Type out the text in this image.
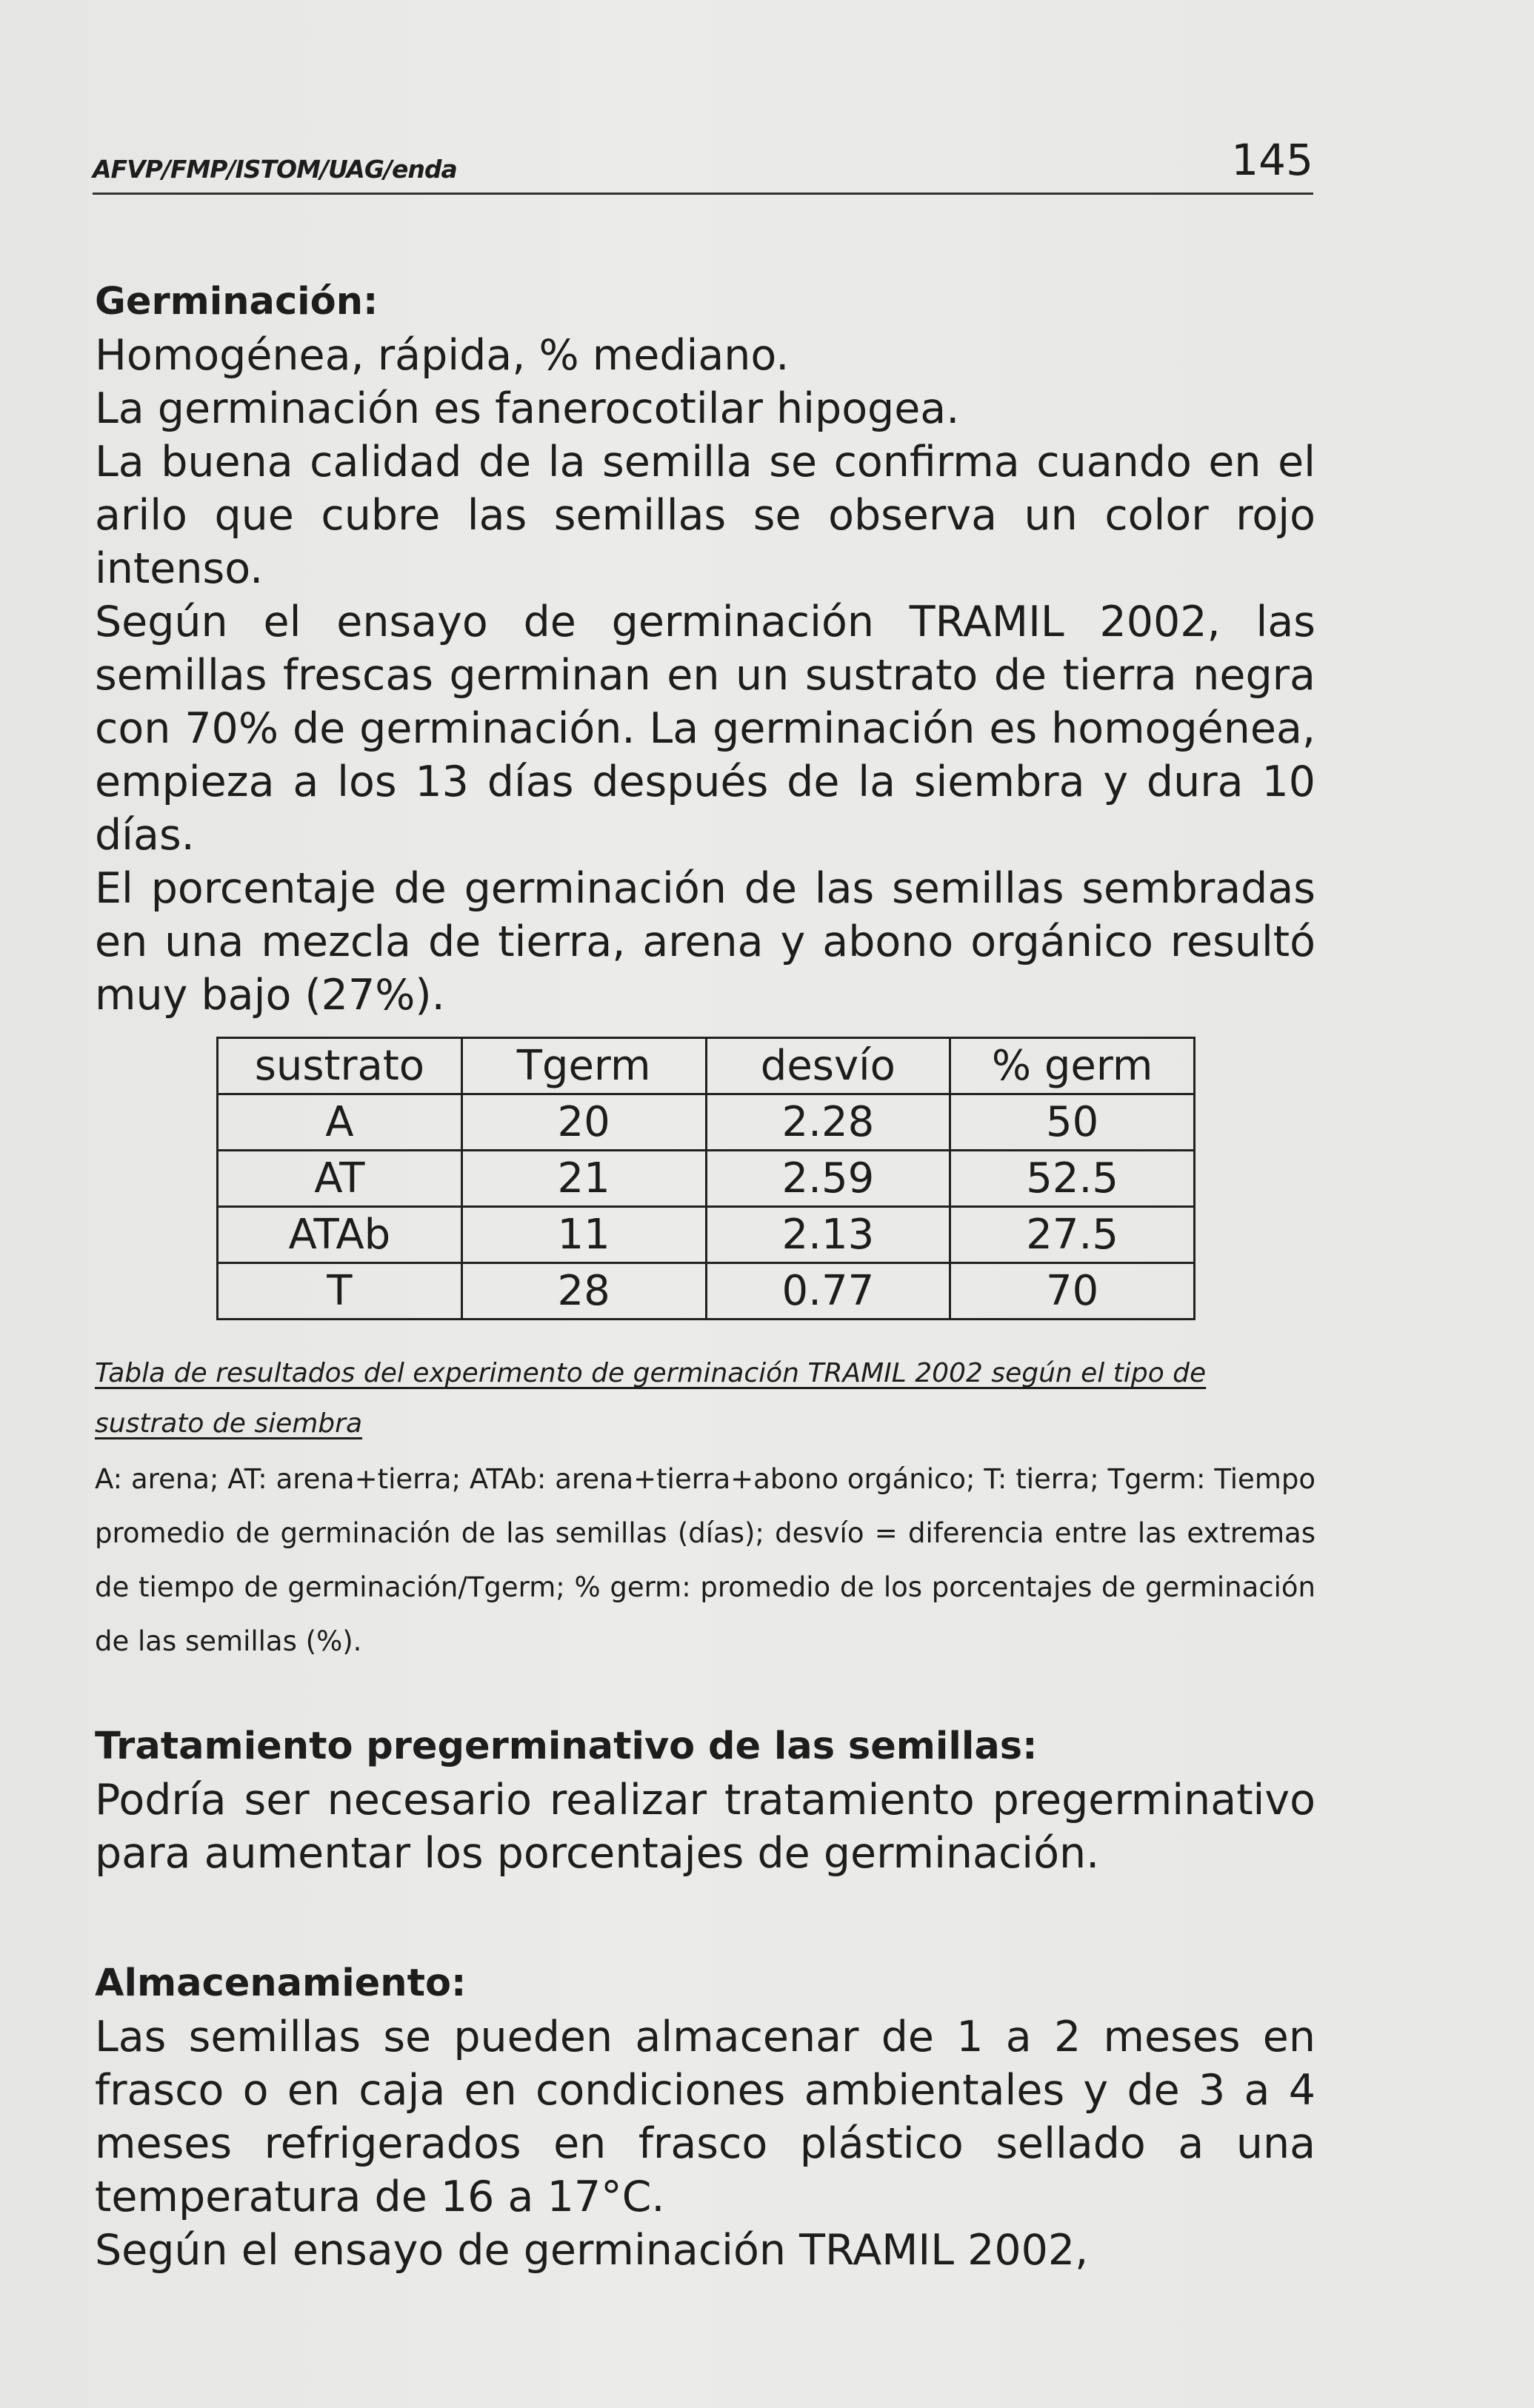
AFVP/FMP/ISTOM/UAG/enda	145
Germinación:

Homogénea, rápida, % mediano.

La germinación es fanerocotilar hipogea.

La buena calidad de la semilla se confirma cuando en el arilo que cubre las semillas se observa un color rojo intenso.

Según el ensayo de germinación TRAMIL 2002, las semillas frescas germinan en un sustrato de tierra negra con 70% de germinación. La germinación es homogénea, empieza a los 13 días después de la siembra y dura 10 días.

El porcentaje de germinación de las semillas sembradas en una mezcla de tierra, arena y abono orgánico resultó muy bajo (27%).

sustrato	Tgerm	desvío	% germ
A	20	2.28	50
AT	21	2.59	52.5
ATAb	11	2.13	27.5
T	28	0.77	70
Tabla de resultados del experimento de germinación TRAMIL 2002 según el tipo de sustrato de siembra
A: arena; AT: arena+tierra; ATAb: arena+tierra+abono orgánico; T: tierra; Tgerm: Tiempo promedio de germinación de las semillas (días); desvío = diferencia entre las extremas de tiempo de germinación/Tgerm; % germ: promedio de los porcentajes de germinación de las semillas (%).
Tratamiento pregerminativo de las semillas:

Podría ser necesario realizar tratamiento pregerminativo para aumentar los porcentajes de germinación.

Almacenamiento:

Las semillas se pueden almacenar de 1 a 2 meses en frasco o en caja en condiciones ambientales y de 3 a 4 meses refrigerados en frasco plástico sellado a una temperatura de 16 a 17°C.

Según el ensayo de germinación TRAMIL 2002,
